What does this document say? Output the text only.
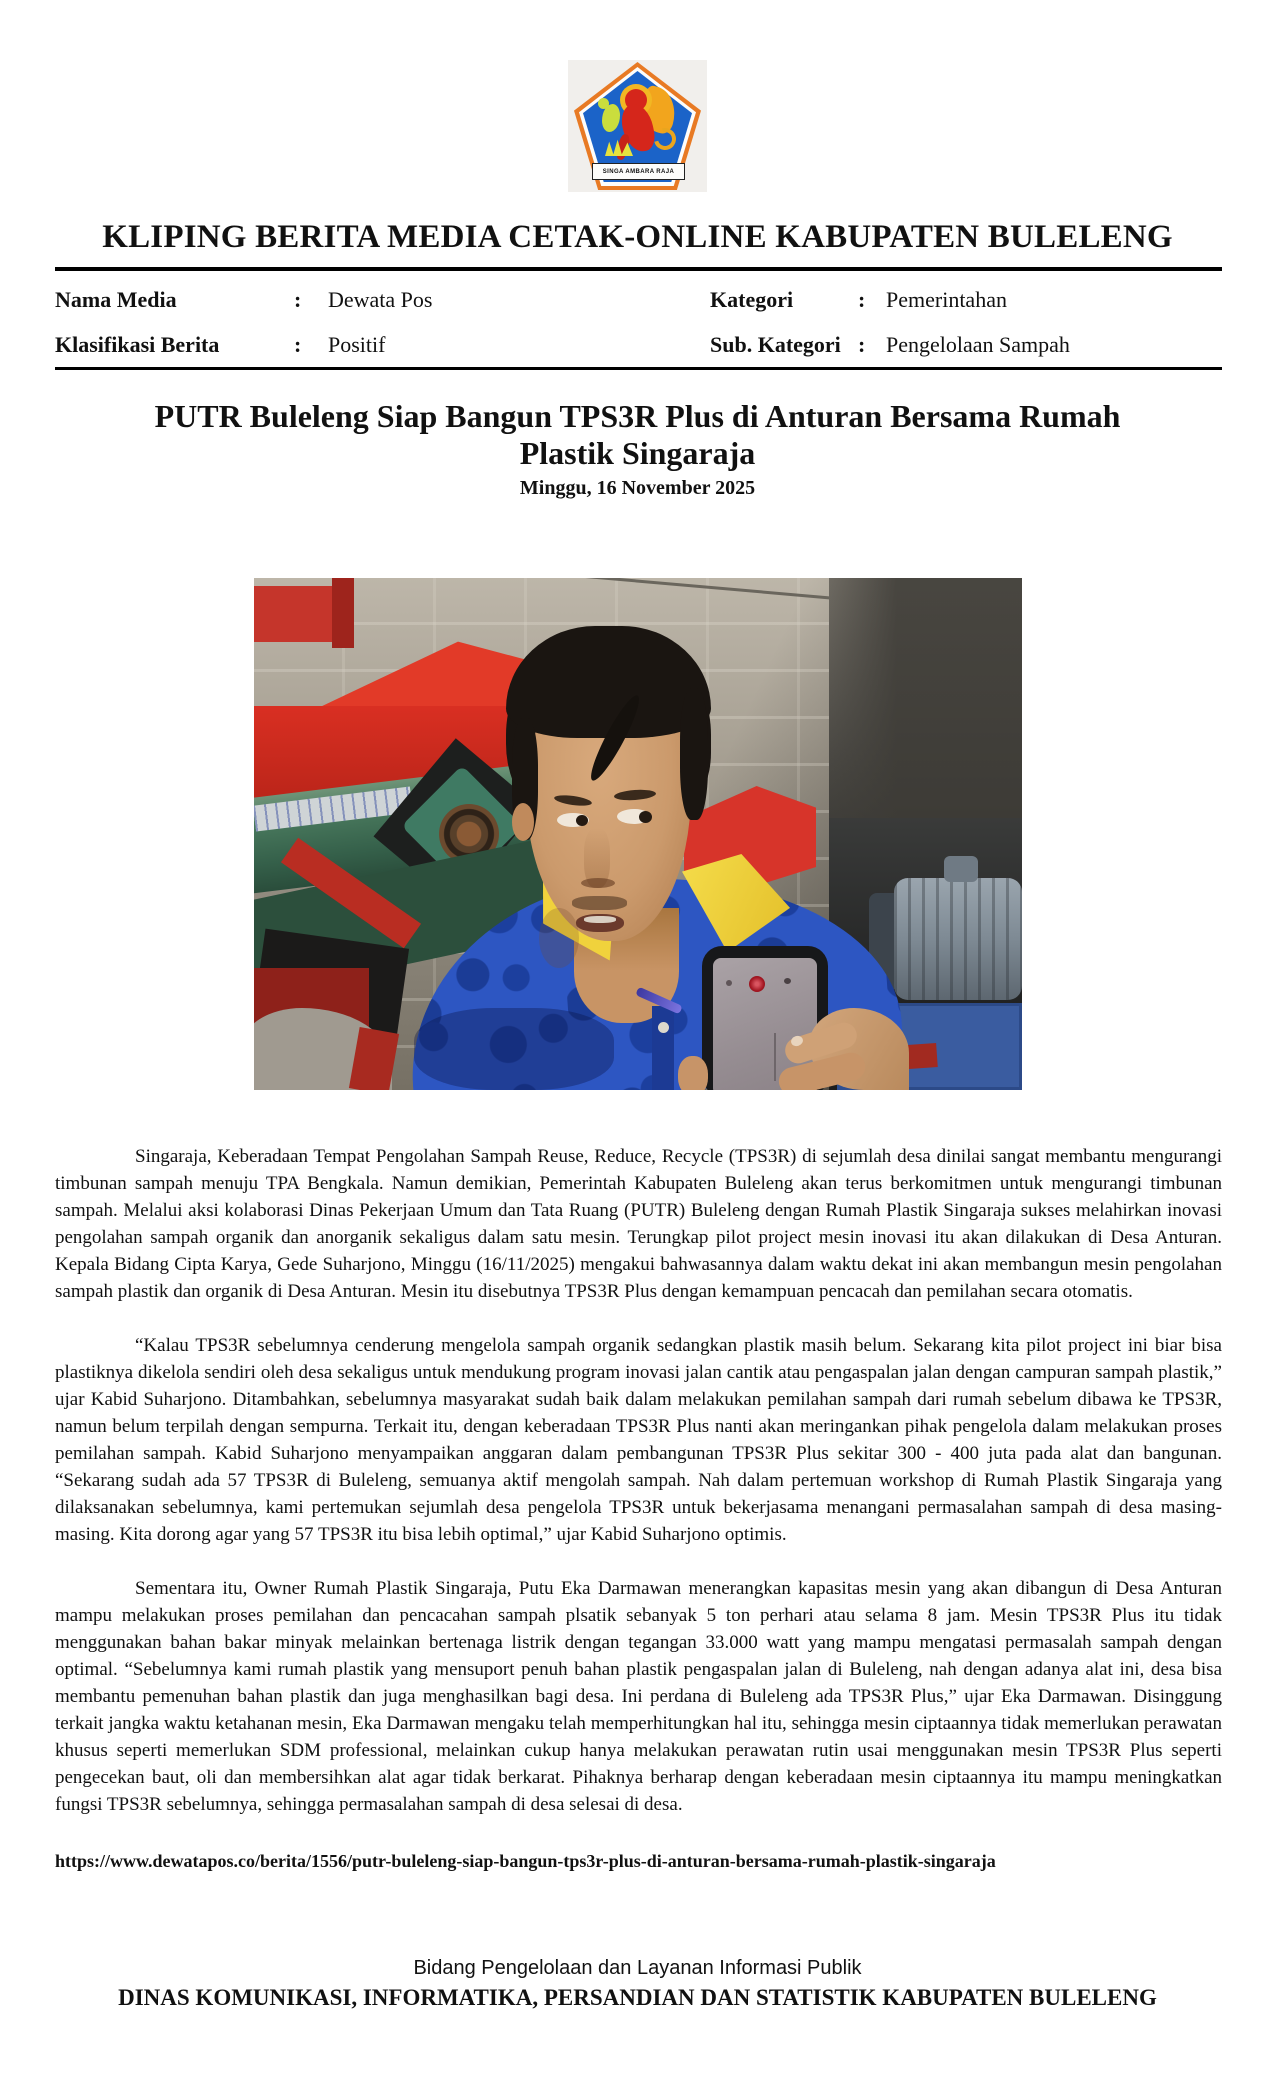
SINGA AMBARA RAJA
KLIPING BERITA MEDIA CETAK-ONLINE KABUPATEN BULELENG
Nama Media	:	Dewata Pos	Kategori	: Pemerintahan
Klasifikasi Berita	:	Positif	Sub. Kategori : Pengelolaan Sampah
PUTR Buleleng Siap Bangun TPS3R Plus di Anturan Bersama Rumah
Plastik Singaraja
Minggu, 16 November 2025

Singaraja, Keberadaan Tempat Pengolahan Sampah Reuse, Reduce, Recycle (TPS3R) di sejumlah desa dinilai sangat membantu mengurangi timbunan sampah menuju TPA Bengkala. Namun demikian, Pemerintah Kabupaten Buleleng akan terus berkomitmen untuk mengurangi timbunan sampah. Melalui aksi kolaborasi Dinas Pekerjaan Umum dan Tata Ruang (PUTR) Buleleng dengan Rumah Plastik Singaraja sukses melahirkan inovasi pengolahan sampah organik dan anorganik sekaligus dalam satu mesin. Terungkap pilot project mesin inovasi itu akan dilakukan di Desa Anturan. Kepala Bidang Cipta Karya, Gede Suharjono, Minggu (16/11/2025) mengakui bahwasannya dalam waktu dekat ini akan membangun mesin pengolahan sampah plastik dan organik di Desa Anturan. Mesin itu disebutnya TPS3R Plus dengan kemampuan pencacah dan pemilahan secara otomatis.

“Kalau TPS3R sebelumnya cenderung mengelola sampah organik sedangkan plastik masih belum. Sekarang kita pilot project ini biar bisa plastiknya dikelola sendiri oleh desa sekaligus untuk mendukung program inovasi jalan cantik atau pengaspalan jalan dengan campuran sampah plastik,” ujar Kabid Suharjono. Ditambahkan, sebelumnya masyarakat sudah baik dalam melakukan pemilahan sampah dari rumah sebelum dibawa ke TPS3R, namun belum terpilah dengan sempurna. Terkait itu, dengan keberadaan TPS3R Plus nanti akan meringankan pihak pengelola dalam melakukan proses pemilahan sampah. Kabid Suharjono menyampaikan anggaran dalam pembangunan TPS3R Plus sekitar 300 - 400 juta pada alat dan bangunan. “Sekarang sudah ada 57 TPS3R di Buleleng, semuanya aktif mengolah sampah. Nah dalam pertemuan workshop di Rumah Plastik Singaraja yang dilaksanakan sebelumnya, kami pertemukan sejumlah desa pengelola TPS3R untuk bekerjasama menangani permasalahan sampah di desa masing-masing. Kita dorong agar yang 57 TPS3R itu bisa lebih optimal,” ujar Kabid Suharjono optimis.

Sementara itu, Owner Rumah Plastik Singaraja, Putu Eka Darmawan menerangkan kapasitas mesin yang akan dibangun di Desa Anturan mampu melakukan proses pemilahan dan pencacahan sampah plsatik sebanyak 5 ton perhari atau selama 8 jam. Mesin TPS3R Plus itu tidak menggunakan bahan bakar minyak melainkan bertenaga listrik dengan tegangan 33.000 watt yang mampu mengatasi permasalah sampah dengan optimal. “Sebelumnya kami rumah plastik yang mensuport penuh bahan plastik pengaspalan jalan di Buleleng, nah dengan adanya alat ini, desa bisa membantu pemenuhan bahan plastik dan juga menghasilkan bagi desa. Ini perdana di Buleleng ada TPS3R Plus,” ujar Eka Darmawan. Disinggung terkait jangka waktu ketahanan mesin, Eka Darmawan mengaku telah memperhitungkan hal itu, sehingga mesin ciptaannya tidak memerlukan perawatan khusus seperti memerlukan SDM professional, melainkan cukup hanya melakukan perawatan rutin usai menggunakan mesin TPS3R Plus seperti pengecekan baut, oli dan membersihkan alat agar tidak berkarat. Pihaknya berharap dengan keberadaan mesin ciptaannya itu mampu meningkatkan fungsi TPS3R sebelumnya, sehingga permasalahan sampah di desa selesai di desa.

https://www.dewatapos.co/berita/1556/putr-buleleng-siap-bangun-tps3r-plus-di-anturan-bersama-rumah-plastik-singaraja
Bidang Pengelolaan dan Layanan Informasi Publik
DINAS KOMUNIKASI, INFORMATIKA, PERSANDIAN DAN STATISTIK KABUPATEN BULELENG
